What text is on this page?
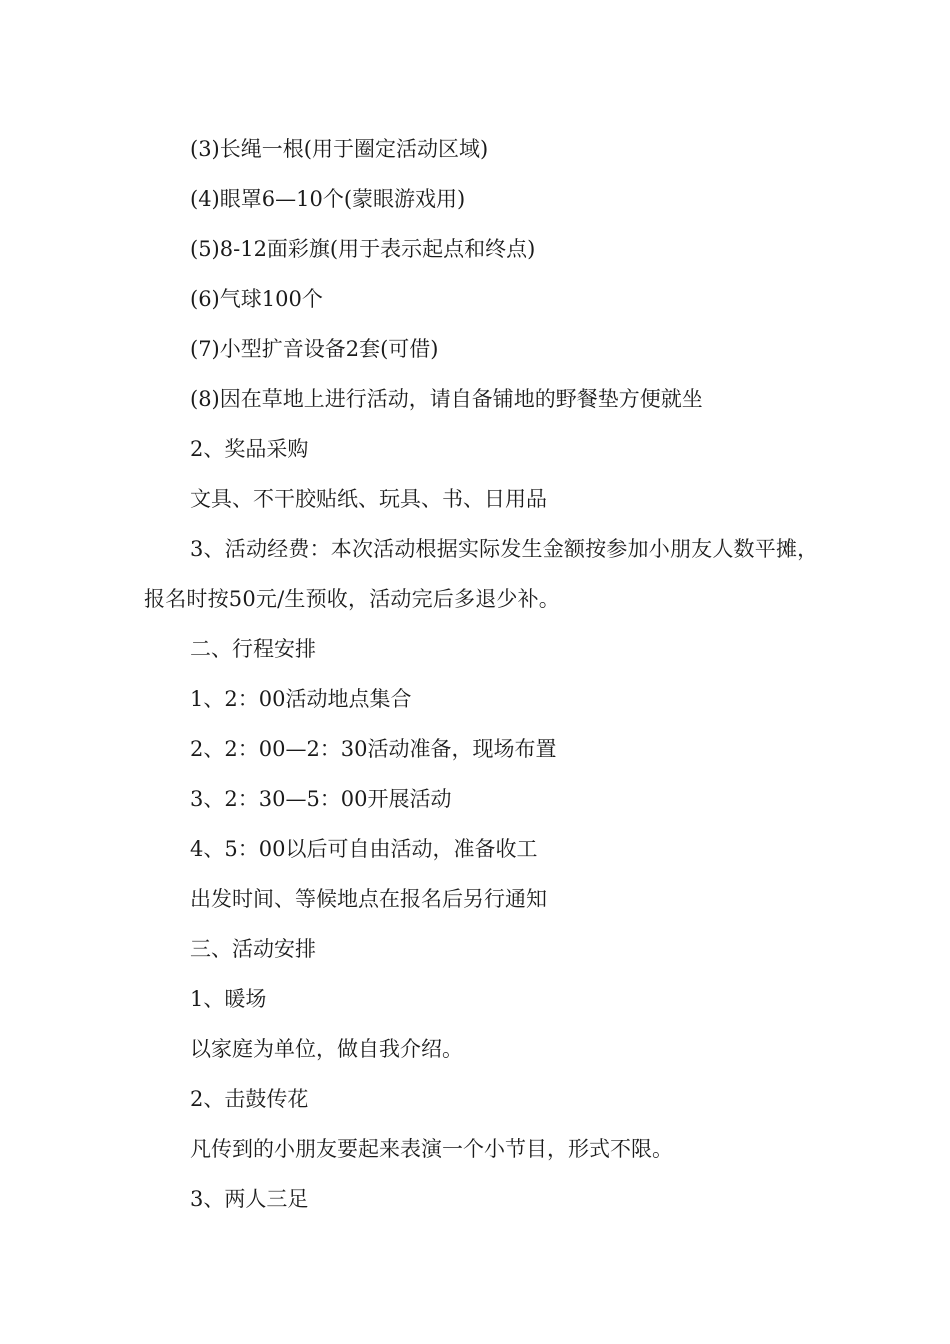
(3)长绳一根(用于圈定活动区域)

(4)眼罩6—10个(蒙眼游戏用)

(5)8-12面彩旗(用于表示起点和终点)

(6)气球100个

(7)小型扩音设备2套(可借)

(8)因在草地上进行活动，请自备铺地的野餐垫方便就坐

2、奖品采购

文具、不干胶贴纸、玩具、书、日用品

3、活动经费：本次活动根据实际发生金额按参加小朋友人数平摊，报名时按50元/生预收，活动完后多退少补。

二、行程安排

1、2：00活动地点集合

2、2：00—2：30活动准备，现场布置

3、2：30—5：00开展活动

4、5：00以后可自由活动，准备收工

出发时间、等候地点在报名后另行通知

三、活动安排

1、暖场

以家庭为单位，做自我介绍。

2、击鼓传花

凡传到的小朋友要起来表演一个小节目，形式不限。

3、两人三足
